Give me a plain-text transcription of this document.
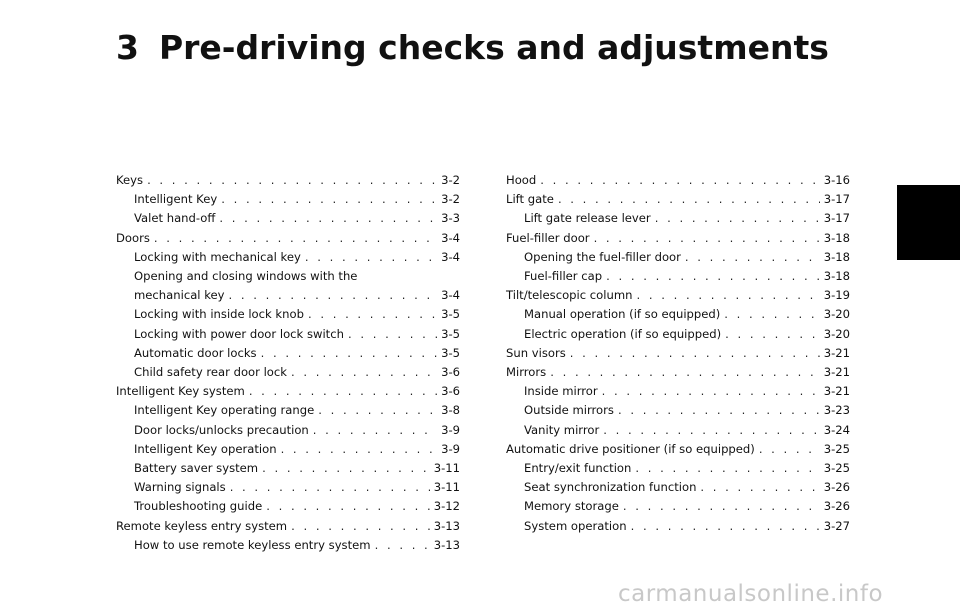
3 Pre-driving checks and adjustments
Keys . . .	3-2
Intelligent Key . . .	3-2
Valet hand-off . . .	3-3
Doors . . .	3-4
Locking with mechanical key . . .	3-4
Opening and closing windows with the
mechanical key . . .	3-4
Locking with inside lock knob . . .	3-5
Locking with power door lock switch . . .	3-5
Automatic door locks . . .	3-5
Child safety rear door lock . . .	3-6
Intelligent Key system . . .	3-6
Intelligent Key operating range . . .	3-8
Door locks/unlocks precaution . . .	3-9
Intelligent Key operation . . .	3-9
Battery saver system . . .	3-11
Warning signals . . .	3-11
Troubleshooting guide . . .	3-12
Remote keyless entry system . . .	3-13
How to use remote keyless entry system . . .	3-13
Hood . . .	3-16
Lift gate . . .	3-17
Lift gate release lever . . .	3-17
Fuel-filler door . . .	3-18
Opening the fuel-filler door . . .	3-18
Fuel-filler cap . . .	3-18
Tilt/telescopic column . . .	3-19
Manual operation (if so equipped) . . .	3-20
Electric operation (if so equipped) . . .	3-20
Sun visors . . .	3-21
Mirrors . . .	3-21
Inside mirror . . .	3-21
Outside mirrors . . .	3-23
Vanity mirror . . .	3-24
Automatic drive positioner (if so equipped) . . .	3-25
Entry/exit function . . .	3-25
Seat synchronization function . . .	3-26
Memory storage . . .	3-26
System operation . . .	3-27
carmanualsonline.info
